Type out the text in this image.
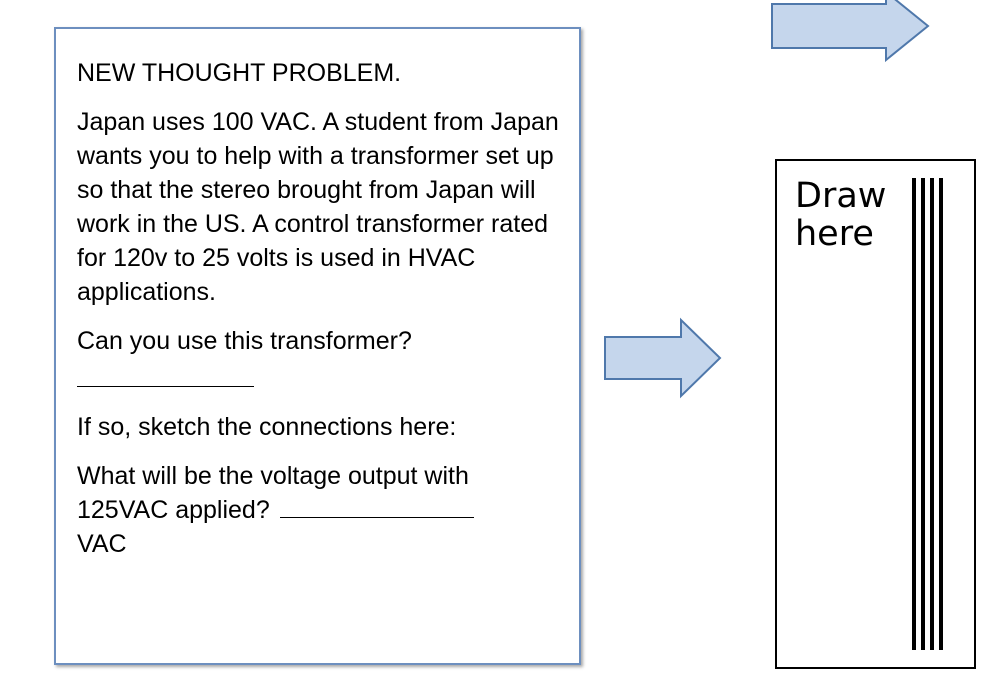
NEW THOUGHT PROBLEM.

Japan uses 100 VAC. A student from Japan wants you to help with a transformer set up so that the stereo brought from Japan will work in the US. A control transformer rated for 120v to 25 volts is used in HVAC applications.

Can you use this transformer?

If so, sketch the connections here:

What will be the voltage output with 125VAC applied?
VAC

Draw
here
